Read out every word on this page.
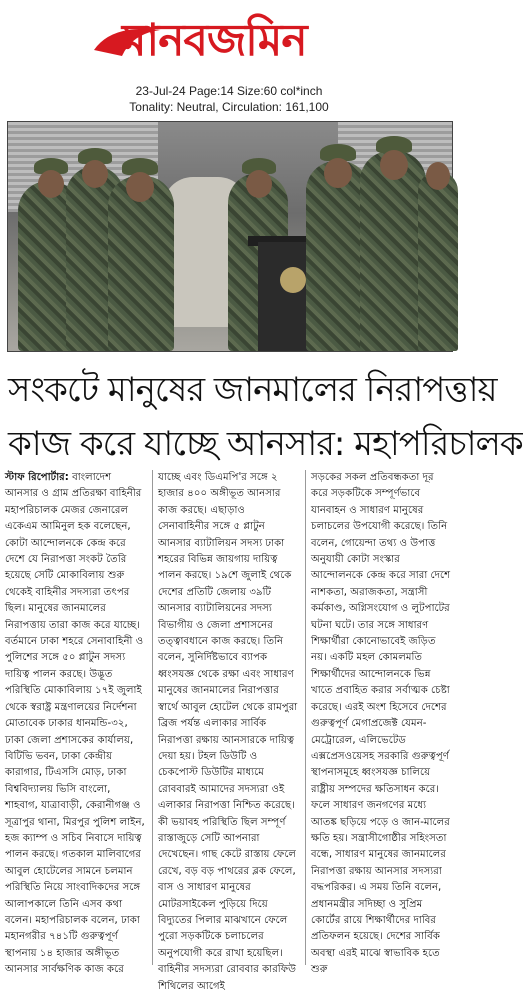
মানবজমিন
23-Jul-24 Page:14 Size:60 col*inch
Tonality: Neutral, Circulation: 161,100
সংকটে মানুষের জানমালের নিরাপত্তায়
কাজ করে যাচ্ছে আনসার: মহাপরিচালক

স্টাফ রিপোর্টার: বাংলাদেশ আনসার ও গ্রাম প্রতিরক্ষা বাহিনীর মহাপরিচালক মেজর জেনারেল একেএম আমিনুল হক বলেছেন, কোটা আন্দোলনকে কেন্দ্র করে দেশে যে নিরাপত্তা সংকট তৈরি হয়েছে সেটি মোকাবিলায় শুরু থেকেই বাহিনীর সদস্যরা তৎপর ছিল। মানুষের জানমালের নিরাপত্তায় তারা কাজ করে যাচ্ছে। বর্তমানে ঢাকা শহরে সেনাবাহিনী ও পুলিশের সঙ্গে ৫০ প্লাটুন সদস্য দায়িত্ব পালন করছে। উদ্ভূত পরিস্থিতি মোকাবিলায় ১৭ই জুলাই থেকে স্বরাষ্ট্র মন্ত্রণালয়ের নির্দেশনা মোতাবেক ঢাকার ধানমন্ডি-৩২, ঢাকা জেলা প্রশাসকের কার্যালয়, বিটিভি ভবন, ঢাকা কেন্দ্রীয় কারাগার, টিএসসি মোড়, ঢাকা বিশ্ববিদ্যালয় ভিসি বাংলো, শাহবাগ, যাত্রাবাড়ী, কেরানীগঞ্জ ও সূত্রাপুর থানা, মিরপুর পুলিশ লাইন, হজ ক্যাম্প ও সচিব নিবাসে দায়িত্ব পালন করছে। গতকাল মালিবাগের আবুল হোটেলের সামনে চলমান পরিস্থিতি নিয়ে সাংবাদিকদের সঙ্গে আলাপকালে তিনি এসব কথা বলেন। মহাপরিচালক বলেন, ঢাকা মহানগরীর ৭৪১টি গুরুত্বপূর্ণ স্থাপনায় ১৪ হাজার অঙ্গীভূত আনসার সার্বক্ষণিক কাজ করে

যাচ্ছে এবং ডিএমপি'র সঙ্গে ২ হাজার ৪০০ অঙ্গীভূত আনসার কাজ করছে। এছাড়াও সেনাবাহিনীর সঙ্গে ৫ প্লাটুন আনসার ব্যাটালিয়ন সদস্য ঢাকা শহরের বিভিন্ন জায়গায় দায়িত্ব পালন করছে। ১৯শে জুলাই থেকে দেশের প্রতিটি জেলায় ৩৯টি আনসার ব্যাটালিয়নের সদস্য বিভাগীয় ও জেলা প্রশাসনের তত্ত্বাবধানে কাজ করছে। তিনি বলেন, সুনির্দিষ্টভাবে ব্যাপক ধ্বংসযজ্ঞ থেকে রক্ষা এবং সাধারণ মানুষের জানমালের নিরাপত্তার স্বার্থে আবুল হোটেল থেকে রামপুরা ব্রিজ পর্যন্ত এলাকার সার্বিক নিরাপত্তা রক্ষায় আনসারকে দায়িত্ব দেয়া হয়। টহল ডিউটি ও চেকপোস্ট ডিউটির মাধ্যমে রোববারই আমাদের সদস্যরা ওই এলাকার নিরাপত্তা নিশ্চিত করেছে। কী ভয়াবহ পরিস্থিতি ছিল সম্পূর্ণ রাস্তাজুড়ে সেটি আপনারা দেখেছেন। গাছ কেটে রাস্তায় ফেলে রেখে, বড় বড় পাথরের ব্লক ফেলে, বাস ও সাধারণ মানুষের মোটরসাইকেল পুড়িয়ে দিয়ে বিদ্যুতের পিলার মাঝখানে ফেলে পুরো সড়কটিকে চলাচলের অনুপযোগী করে রাখা হয়েছিল। বাহিনীর সদস্যরা রোববার কারফিউ শিথিলের আগেই

সড়কের সকল প্রতিবন্ধকতা দূর করে সড়কটিকে সম্পূর্ণভাবে যানবাহন ও সাধারণ মানুষের চলাচলের উপযোগী করেছে। তিনি বলেন, গোয়েন্দা তথ্য ও উপাত্ত অনুযায়ী কোটা সংস্কার আন্দোলনকে কেন্দ্র করে সারা দেশে নাশকতা, অরাজকতা, সন্ত্রাসী কর্মকাণ্ড, অগ্নিসংযোগ ও লুটপাটের ঘটনা ঘটে। তার সঙ্গে সাধারণ শিক্ষার্থীরা কোনোভাবেই জড়িত নয়। একটি মহল কোমলমতি শিক্ষার্থীদের আন্দোলনকে ভিন্ন খাতে প্রবাহিত করার সর্বাত্মক চেষ্টা করেছে। এরই অংশ হিসেবে দেশের গুরুত্বপূর্ণ মেগাপ্রজেক্ট যেমন- মেট্রোরেল, এলিভেটেড এক্সপ্রেসওয়েসহ সরকারি গুরুত্বপূর্ণ স্থাপনাসমূহে ধ্বংসযজ্ঞ চালিয়ে রাষ্ট্রীয় সম্পদের ক্ষতিসাধন করে। ফলে সাধারণ জনগণের মধ্যে আতঙ্ক ছড়িয়ে পড়ে ও জান-মালের ক্ষতি হয়। সন্ত্রাসীগোষ্ঠীর সহিংসতা বন্ধে, সাধারণ মানুষের জানমালের নিরাপত্তা রক্ষায় আনসার সদস্যরা বদ্ধপরিকর। এ সময় তিনি বলেন, প্রধানমন্ত্রীর সদিচ্ছা ও সুপ্রিম কোর্টের রায়ে শিক্ষার্থীদের দাবির প্রতিফলন হয়েছে। দেশের সার্বিক অবস্থা এরই মাঝে স্বাভাবিক হতে শুরু
